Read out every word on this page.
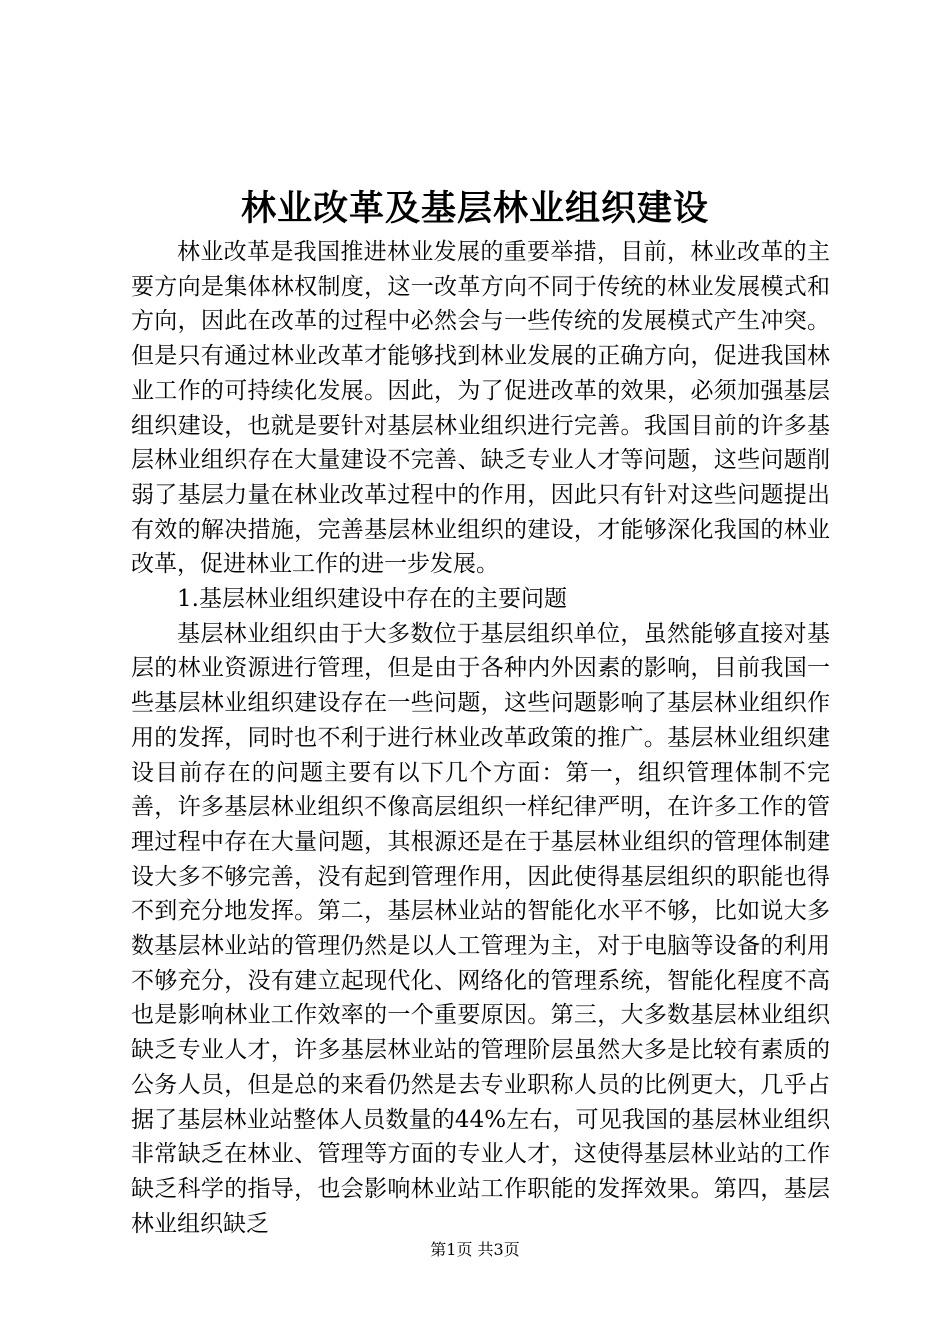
林业改革及基层林业组织建设

林业改革是我国推进林业发展的重要举措，目前，林业改革的主要方向是集体林权制度，这一改革方向不同于传统的林业发展模式和方向，因此在改革的过程中必然会与一些传统的发展模式产生冲突。但是只有通过林业改革才能够找到林业发展的正确方向，促进我国林业工作的可持续化发展。因此，为了促进改革的效果，必须加强基层组织建设，也就是要针对基层林业组织进行完善。我国目前的许多基层林业组织存在大量建设不完善、缺乏专业人才等问题，这些问题削弱了基层力量在林业改革过程中的作用，因此只有针对这些问题提出有效的解决措施，完善基层林业组织的建设，才能够深化我国的林业改革，促进林业工作的进一步发展。

1.基层林业组织建设中存在的主要问题

基层林业组织由于大多数位于基层组织单位，虽然能够直接对基层的林业资源进行管理，但是由于各种内外因素的影响，目前我国一些基层林业组织建设存在一些问题，这些问题影响了基层林业组织作用的发挥，同时也不利于进行林业改革政策的推广。基层林业组织建设目前存在的问题主要有以下几个方面：第一，组织管理体制不完善，许多基层林业组织不像高层组织一样纪律严明，在许多工作的管理过程中存在大量问题，其根源还是在于基层林业组织的管理体制建设大多不够完善，没有起到管理作用，因此使得基层组织的职能也得不到充分地发挥。第二，基层林业站的智能化水平不够，比如说大多数基层林业站的管理仍然是以人工管理为主，对于电脑等设备的利用不够充分，没有建立起现代化、网络化的管理系统，智能化程度不高也是影响林业工作效率的一个重要原因。第三，大多数基层林业组织缺乏专业人才，许多基层林业站的管理阶层虽然大多是比较有素质的公务人员，但是总的来看仍然是去专业职称人员的比例更大，几乎占据了基层林业站整体人员数量的44%左右，可见我国的基层林业组织非常缺乏在林业、管理等方面的专业人才，这使得基层林业站的工作缺乏科学的指导，也会影响林业站工作职能的发挥效果。第四，基层林业组织缺乏

第1页 共3页
